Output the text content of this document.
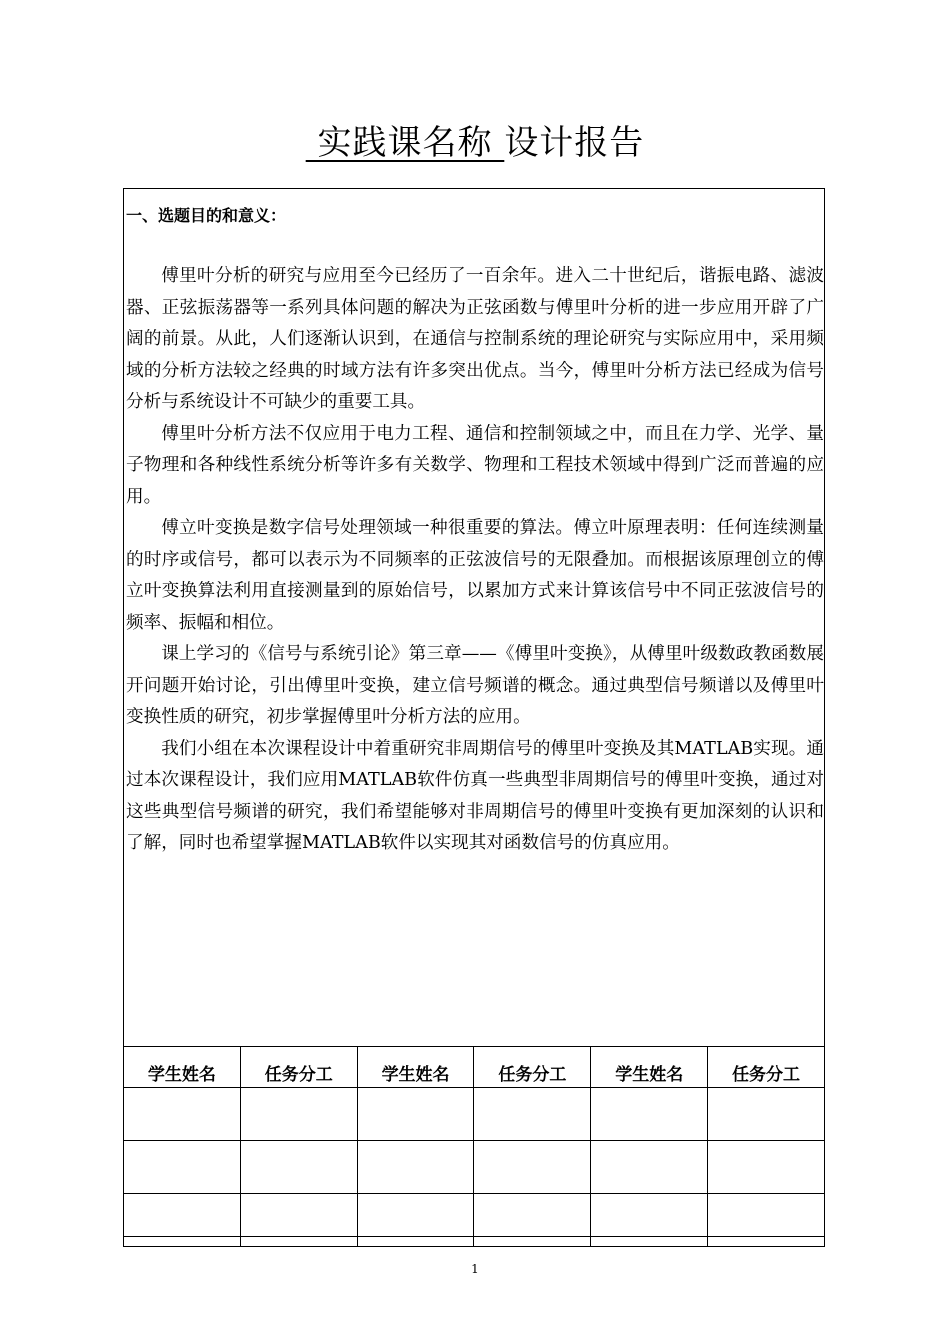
实践课名称 设计报告
一、选题目的和意义：

傅里叶分析的研究与应用至今已经历了一百余年。进入二十世纪后，谐振电路、滤波器、正弦振荡器等一系列具体问题的解决为正弦函数与傅里叶分析的进一步应用开辟了广阔的前景。从此，人们逐渐认识到，在通信与控制系统的理论研究与实际应用中，采用频域的分析方法较之经典的时域方法有许多突出优点。当今，傅里叶分析方法已经成为信号分析与系统设计不可缺少的重要工具。

傅里叶分析方法不仅应用于电力工程、通信和控制领域之中，而且在力学、光学、量子物理和各种线性系统分析等许多有关数学、物理和工程技术领域中得到广泛而普遍的应用。

傅立叶变换是数字信号处理领域一种很重要的算法。傅立叶原理表明：任何连续测量的时序或信号，都可以表示为不同频率的正弦波信号的无限叠加。而根据该原理创立的傅立叶变换算法利用直接测量到的原始信号，以累加方式来计算该信号中不同正弦波信号的频率、振幅和相位。

课上学习的《信号与系统引论》第三章——《傅里叶变换》，从傅里叶级数政教函数展开问题开始讨论，引出傅里叶变换，建立信号频谱的概念。通过典型信号频谱以及傅里叶变换性质的研究，初步掌握傅里叶分析方法的应用。

我们小组在本次课程设计中着重研究非周期信号的傅里叶变换及其MATLAB实现。通过本次课程设计，我们应用MATLAB软件仿真一些典型非周期信号的傅里叶变换，通过对这些典型信号频谱的研究，我们希望能够对非周期信号的傅里叶变换有更加深刻的认识和了解，同时也希望掌握MATLAB软件以实现其对函数信号的仿真应用。

学生姓名	任务分工	学生姓名	任务分工	学生姓名	任务分工

1
